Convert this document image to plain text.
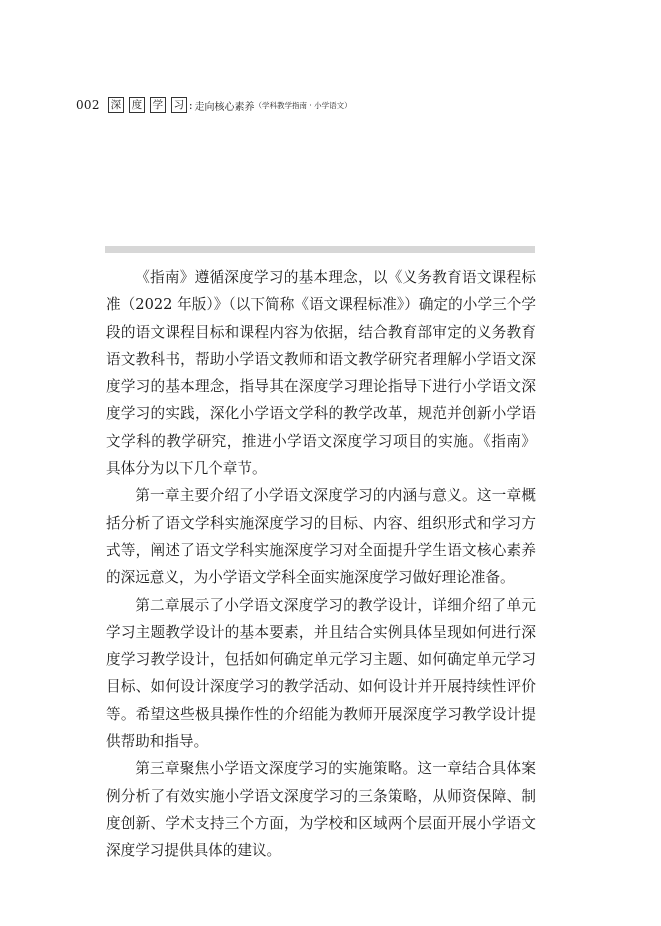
002 深 度 学 习 : 走向核心素养 （学科教学指南 · 小学语文）

《指南》遵循深度学习的基本理念，以《义务教育语文课程标准（2022 年版）》（以下简称《语文课程标准》）确定的小学三个学段的语文课程目标和课程内容为依据，结合教育部审定的义务教育语文教科书，帮助小学语文教师和语文教学研究者理解小学语文深度学习的基本理念，指导其在深度学习理论指导下进行小学语文深度学习的实践，深化小学语文学科的教学改革，规范并创新小学语文学科的教学研究，推进小学语文深度学习项目的实施。《指南》具体分为以下几个章节。

第一章主要介绍了小学语文深度学习的内涵与意义。这一章概括分析了语文学科实施深度学习的目标、内容、组织形式和学习方式等，阐述了语文学科实施深度学习对全面提升学生语文核心素养的深远意义，为小学语文学科全面实施深度学习做好理论准备。

第二章展示了小学语文深度学习的教学设计，详细介绍了单元学习主题教学设计的基本要素，并且结合实例具体呈现如何进行深度学习教学设计，包括如何确定单元学习主题、如何确定单元学习目标、如何设计深度学习的教学活动、如何设计并开展持续性评价等。希望这些极具操作性的介绍能为教师开展深度学习教学设计提供帮助和指导。

第三章聚焦小学语文深度学习的实施策略。这一章结合具体案例分析了有效实施小学语文深度学习的三条策略，从师资保障、制度创新、学术支持三个方面，为学校和区域两个层面开展小学语文深度学习提供具体的建议。
